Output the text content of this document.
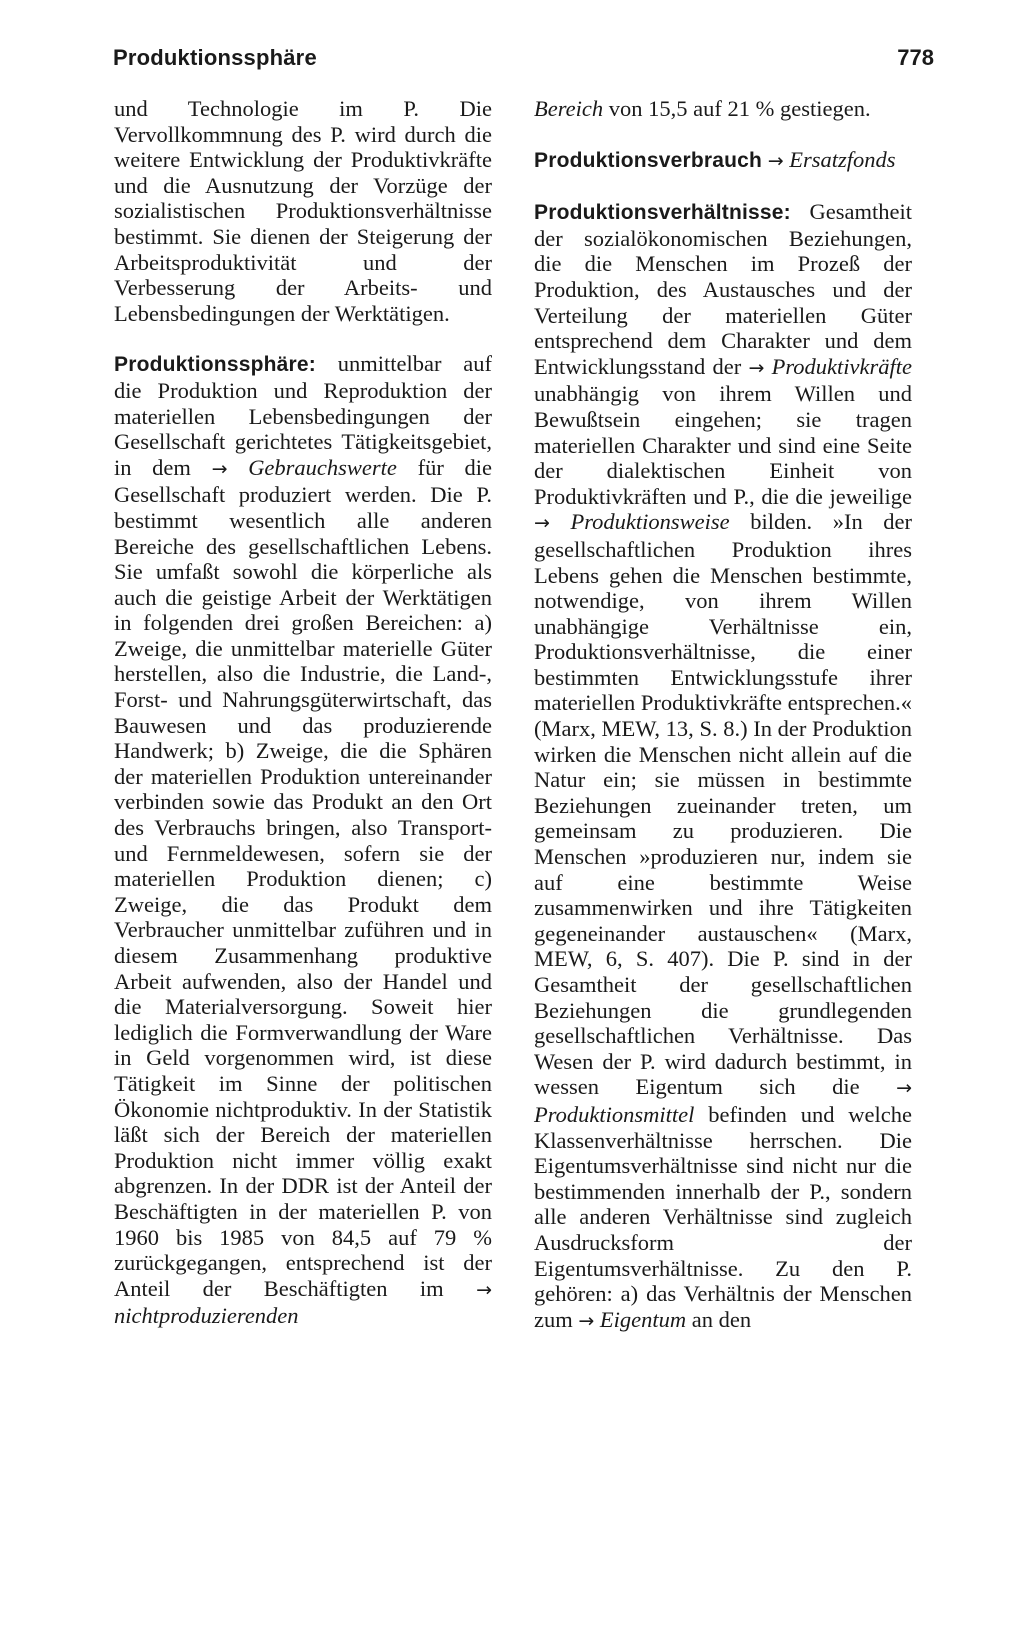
Produktionssphäre	778

und Technologie im P. Die Vervollkommnung des P. wird durch die weitere Entwicklung der Produktivkräfte und die Ausnutzung der Vorzüge der sozialistischen Produktionsverhältnisse bestimmt. Sie dienen der Steigerung der Arbeitsproduktivität und der Verbesserung der Arbeits- und Lebensbedingungen der Werktätigen.

Produktionssphäre: unmittelbar auf die Produktion und Reproduktion der materiellen Lebensbedingungen der Gesellschaft gerichtetes Tätigkeitsgebiet, in dem → Gebrauchswerte für die Gesellschaft produziert werden. Die P. bestimmt wesentlich alle anderen Bereiche des gesellschaftlichen Lebens. Sie umfaßt sowohl die körperliche als auch die geistige Arbeit der Werktätigen in folgenden drei großen Bereichen: a) Zweige, die unmittelbar materielle Güter herstellen, also die Industrie, die Land-, Forst- und Nahrungsgüterwirtschaft, das Bauwesen und das produzierende Handwerk; b) Zweige, die die Sphären der materiellen Produktion untereinander verbinden sowie das Produkt an den Ort des Verbrauchs bringen, also Transport- und Fernmeldewesen, sofern sie der materiellen Produktion dienen; c) Zweige, die das Produkt dem Verbraucher unmittelbar zuführen und in diesem Zusammenhang produktive Arbeit aufwenden, also der Handel und die Materialversorgung. Soweit hier lediglich die Formverwandlung der Ware in Geld vorgenommen wird, ist diese Tätigkeit im Sinne der politischen Ökonomie nichtproduktiv. In der Statistik läßt sich der Bereich der materiellen Produktion nicht immer völlig exakt abgrenzen. In der DDR ist der Anteil der Beschäftigten in der materiellen P. von 1960 bis 1985 von 84,5 auf 79 % zurückgegangen, entsprechend ist der Anteil der Beschäftigten im → nichtproduzierenden

Bereich von 15,5 auf 21 % gestiegen.

Produktionsverbrauch → Ersatzfonds

Produktionsverhältnisse: Gesamtheit der sozialökonomischen Beziehungen, die die Menschen im Prozeß der Produktion, des Austausches und der Verteilung der materiellen Güter entsprechend dem Charakter und dem Entwicklungsstand der → Produktivkräfte unabhängig von ihrem Willen und Bewußtsein eingehen; sie tragen materiellen Charakter und sind eine Seite der dialektischen Einheit von Produktivkräften und P., die die jeweilige → Produktionsweise bilden. »In der gesellschaftlichen Produktion ihres Lebens gehen die Menschen bestimmte, notwendige, von ihrem Willen unabhängige Verhältnisse ein, Produktionsverhältnisse, die einer bestimmten Entwicklungsstufe ihrer materiellen Produktivkräfte entsprechen.« (Marx, MEW, 13, S. 8.) In der Produktion wirken die Menschen nicht allein auf die Natur ein; sie müssen in bestimmte Beziehungen zueinander treten, um gemeinsam zu produzieren. Die Menschen »produzieren nur, indem sie auf eine bestimmte Weise zusammenwirken und ihre Tätigkeiten gegeneinander austauschen« (Marx, MEW, 6, S. 407). Die P. sind in der Gesamtheit der gesellschaftlichen Beziehungen die grundlegenden gesellschaftlichen Verhältnisse. Das Wesen der P. wird dadurch bestimmt, in wessen Eigentum sich die → Produktionsmittel befinden und welche Klassenverhältnisse herrschen. Die Eigentumsverhältnisse sind nicht nur die bestimmenden innerhalb der P., sondern alle anderen Verhältnisse sind zugleich Ausdrucksform der Eigentumsverhältnisse. Zu den P. gehören: a) das Verhältnis der Menschen zum → Eigentum an den
